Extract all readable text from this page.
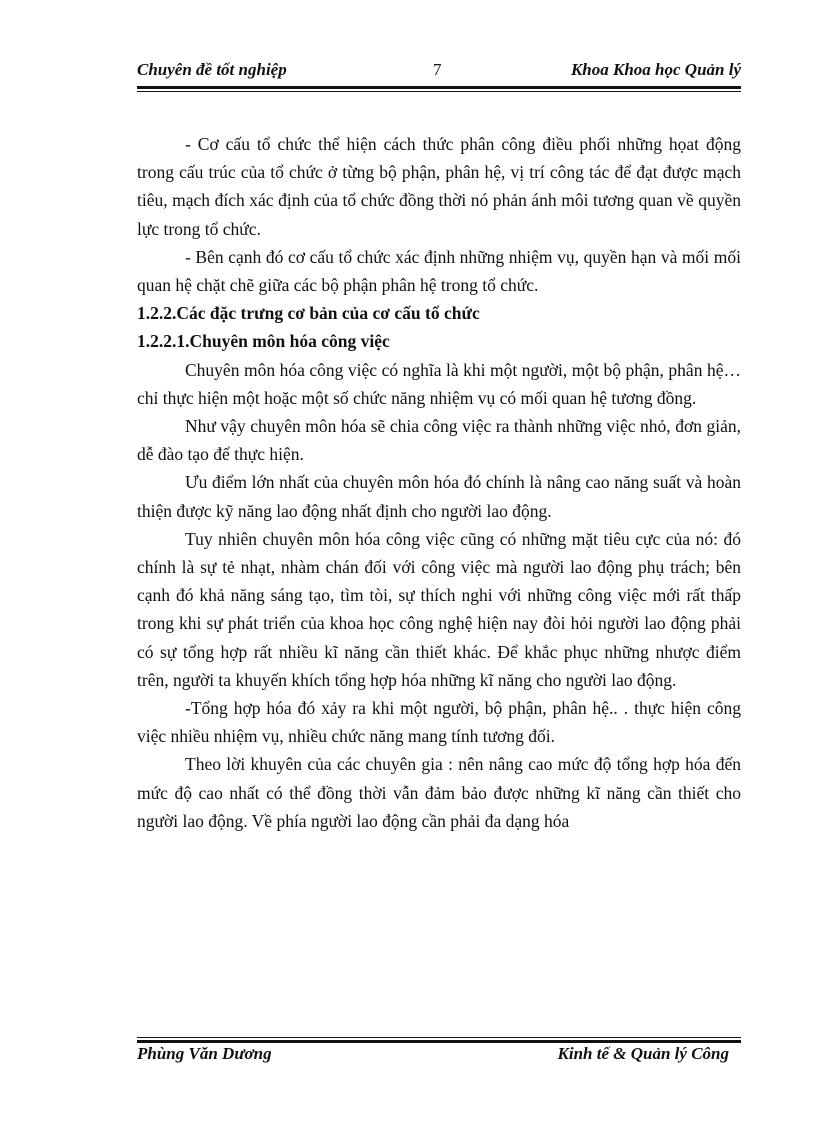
Chuyên đề tốt nghiệp	7	Khoa Khoa học Quản lý

- Cơ cấu tổ chức thể hiện cách thức phân công điều phối những họat động trong cấu trúc của tổ chức ở từng bộ phận, phân hệ, vị trí công tác để đạt được mạch tiêu, mạch đích xác định của tổ chức đồng thời nó phản ánh môi tương quan về quyền lực trong tổ chức.

- Bên cạnh đó cơ cấu tổ chức xác định những nhiệm vụ, quyền hạn và mối mối quan hệ chặt chẽ giữa các bộ phận phân hệ trong tổ chức.

1.2.2.Các đặc trưng cơ bản của cơ cấu tổ chức

1.2.2.1.Chuyên môn hóa công việc

Chuyên môn hóa công việc có nghĩa là khi một người, một bộ phận, phân hệ…chỉ thực hiện một hoặc một số chức năng nhiệm vụ có mối quan hệ tương đồng.

Như vậy chuyên môn hóa sẽ chia công việc ra thành những việc nhỏ, đơn giản, dễ đào tạo để thực hiện.

Ưu điểm lớn nhất của chuyên môn hóa đó chính là nâng cao năng suất và hoàn thiện được kỹ năng lao động nhất định cho người lao động.

Tuy nhiên chuyên môn hóa công việc cũng có những mặt tiêu cực của nó: đó chính là sự tẻ nhạt, nhàm chán đối với công việc mà người lao động phụ trách; bên cạnh đó khả năng sáng tạo, tìm tòi, sự thích nghi với những công việc mới rất thấp trong khi sự phát triển của khoa học công nghệ hiện nay đòi hỏi người lao động phải có sự tổng hợp rất nhiều kĩ năng cần thiết khác. Để khắc phục những nhược điểm trên, người ta khuyến khích tổng hợp hóa những kĩ năng cho người lao động.

-Tổng hợp hóa đó xảy ra khi một người, bộ phận, phân hệ.. . thực hiện công việc nhiều nhiệm vụ, nhiều chức năng mang tính tương đối.

Theo lời khuyên của các chuyên gia : nên nâng cao mức độ tổng hợp hóa đến mức độ cao nhất có thể đồng thời vẫn đảm bảo được những kĩ năng cần thiết cho người lao động. Về phía người lao động cần phải đa dạng hóa

Phùng Văn Dương	Kinh tế & Quản lý Công
